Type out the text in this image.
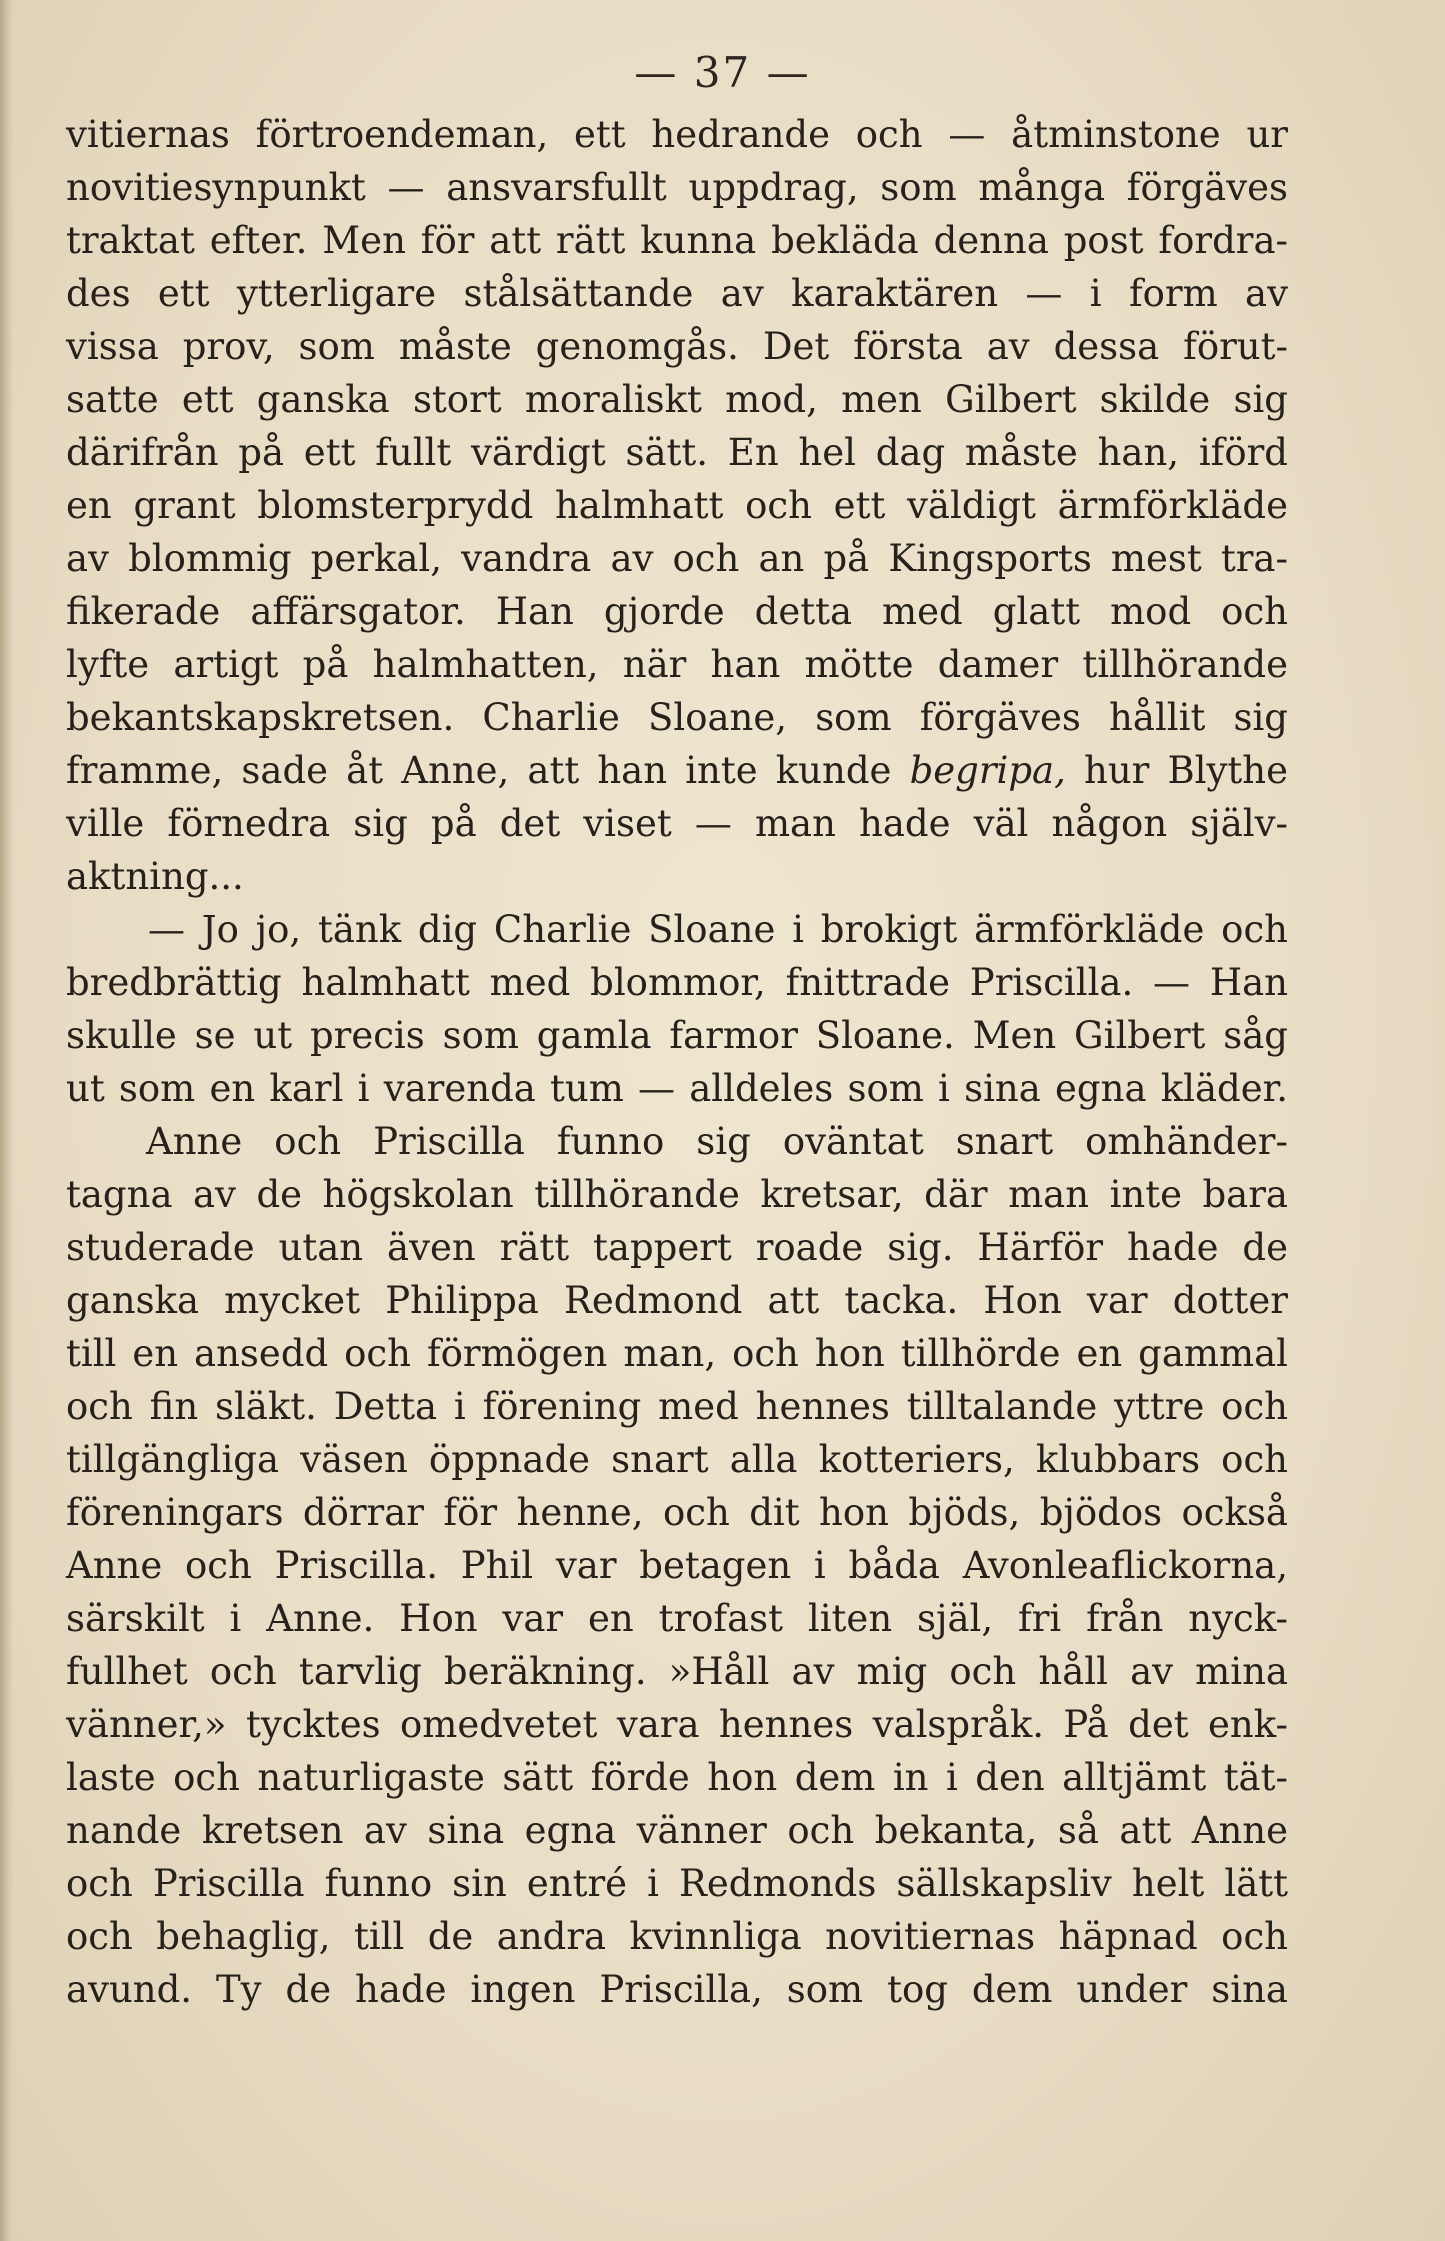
— 37 —
vitiernas förtroendeman, ett hedrande och — åtminstone ur
novitiesynpunkt — ansvarsfullt uppdrag, som många förgäves
traktat efter. Men för att rätt kunna bekläda denna post fordra-
des ett ytterligare stålsättande av karaktären — i form av
vissa prov, som måste genomgås. Det första av dessa förut-
satte ett ganska stort moraliskt mod, men Gilbert skilde sig
därifrån på ett fullt värdigt sätt. En hel dag måste han, iförd
en grant blomsterprydd halmhatt och ett väldigt ärmförkläde
av blommig perkal, vandra av och an på Kingsports mest tra-
fikerade affärsgator. Han gjorde detta med glatt mod och
lyfte artigt på halmhatten, när han mötte damer tillhörande
bekantskapskretsen. Charlie Sloane, som förgäves hållit sig
framme, sade åt Anne, att han inte kunde begripa, hur Blythe
ville förnedra sig på det viset — man hade väl någon själv-
aktning...
— Jo jo, tänk dig Charlie Sloane i brokigt ärmförkläde och
bredbrättig halmhatt med blommor, fnittrade Priscilla. — Han
skulle se ut precis som gamla farmor Sloane. Men Gilbert såg
ut som en karl i varenda tum — alldeles som i sina egna kläder.
Anne och Priscilla funno sig oväntat snart omhänder-
tagna av de högskolan tillhörande kretsar, där man inte bara
studerade utan även rätt tappert roade sig. Härför hade de
ganska mycket Philippa Redmond att tacka. Hon var dotter
till en ansedd och förmögen man, och hon tillhörde en gammal
och fin släkt. Detta i förening med hennes tilltalande yttre och
tillgängliga väsen öppnade snart alla kotteriers, klubbars och
föreningars dörrar för henne, och dit hon bjöds, bjödos också
Anne och Priscilla. Phil var betagen i båda Avonleaflickorna,
särskilt i Anne. Hon var en trofast liten själ, fri från nyck-
fullhet och tarvlig beräkning. »Håll av mig och håll av mina
vänner,» tycktes omedvetet vara hennes valspråk. På det enk-
laste och naturligaste sätt förde hon dem in i den alltjämt tät-
nande kretsen av sina egna vänner och bekanta, så att Anne
och Priscilla funno sin entré i Redmonds sällskapsliv helt lätt
och behaglig, till de andra kvinnliga novitiernas häpnad och
avund. Ty de hade ingen Priscilla, som tog dem under sina
